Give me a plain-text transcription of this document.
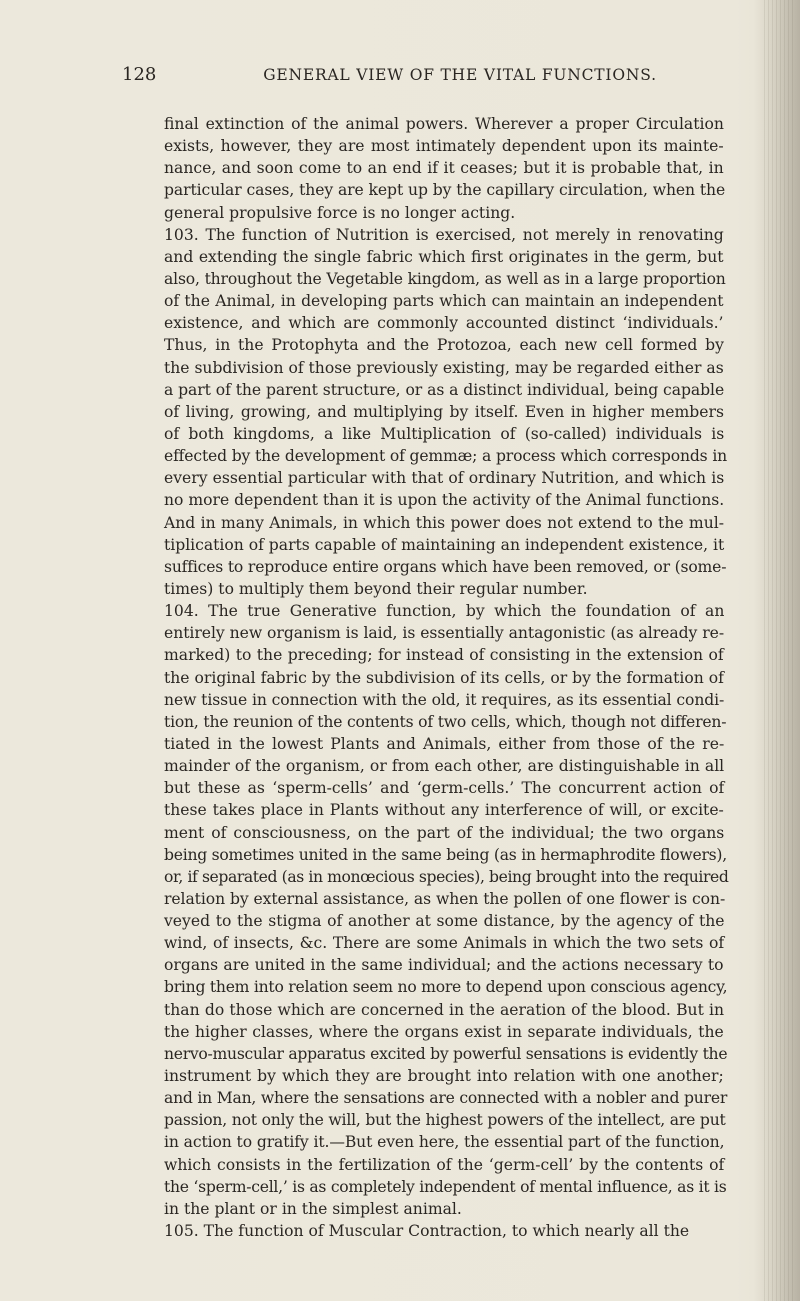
128	GENERAL VIEW OF THE VITAL FUNCTIONS.
final extinction of the animal powers. Wherever a proper Circulation
exists, however, they are most intimately dependent upon its mainte-
nance, and soon come to an end if it ceases; but it is probable that, in
particular cases, they are kept up by the capillary circulation, when the
general propulsive force is no longer acting.
103. The function of Nutrition is exercised, not merely in renovating
and extending the single fabric which first originates in the germ, but
also, throughout the Vegetable kingdom, as well as in a large proportion
of the Animal, in developing parts which can maintain an independent
existence, and which are commonly accounted distinct ‘individuals.’
Thus, in the Protophyta and the Protozoa, each new cell formed by
the subdivision of those previously existing, may be regarded either as
a part of the parent structure, or as a distinct individual, being capable
of living, growing, and multiplying by itself. Even in higher members
of both kingdoms, a like Multiplication of (so-called) individuals is
effected by the development of gemmæ; a process which corresponds in
every essential particular with that of ordinary Nutrition, and which is
no more dependent than it is upon the activity of the Animal functions.
And in many Animals, in which this power does not extend to the mul-
tiplication of parts capable of maintaining an independent existence, it
suffices to reproduce entire organs which have been removed, or (some-
times) to multiply them beyond their regular number.
104. The true Generative function, by which the foundation of an
entirely new organism is laid, is essentially antagonistic (as already re-
marked) to the preceding; for instead of consisting in the extension of
the original fabric by the subdivision of its cells, or by the formation of
new tissue in connection with the old, it requires, as its essential condi-
tion, the reunion of the contents of two cells, which, though not differen-
tiated in the lowest Plants and Animals, either from those of the re-
mainder of the organism, or from each other, are distinguishable in all
but these as ‘sperm-cells’ and ‘germ-cells.’ The concurrent action of
these takes place in Plants without any interference of will, or excite-
ment of consciousness, on the part of the individual; the two organs
being sometimes united in the same being (as in hermaphrodite flowers),
or, if separated (as in monœcious species), being brought into the required
relation by external assistance, as when the pollen of one flower is con-
veyed to the stigma of another at some distance, by the agency of the
wind, of insects, &c. There are some Animals in which the two sets of
organs are united in the same individual; and the actions necessary to
bring them into relation seem no more to depend upon conscious agency,
than do those which are concerned in the aeration of the blood. But in
the higher classes, where the organs exist in separate individuals, the
nervo-muscular apparatus excited by powerful sensations is evidently the
instrument by which they are brought into relation with one another;
and in Man, where the sensations are connected with a nobler and purer
passion, not only the will, but the highest powers of the intellect, are put
in action to gratify it.—But even here, the essential part of the function,
which consists in the fertilization of the ‘germ-cell’ by the contents of
the ‘sperm-cell,’ is as completely independent of mental influence, as it is
in the plant or in the simplest animal.
105. The function of Muscular Contraction, to which nearly all the
